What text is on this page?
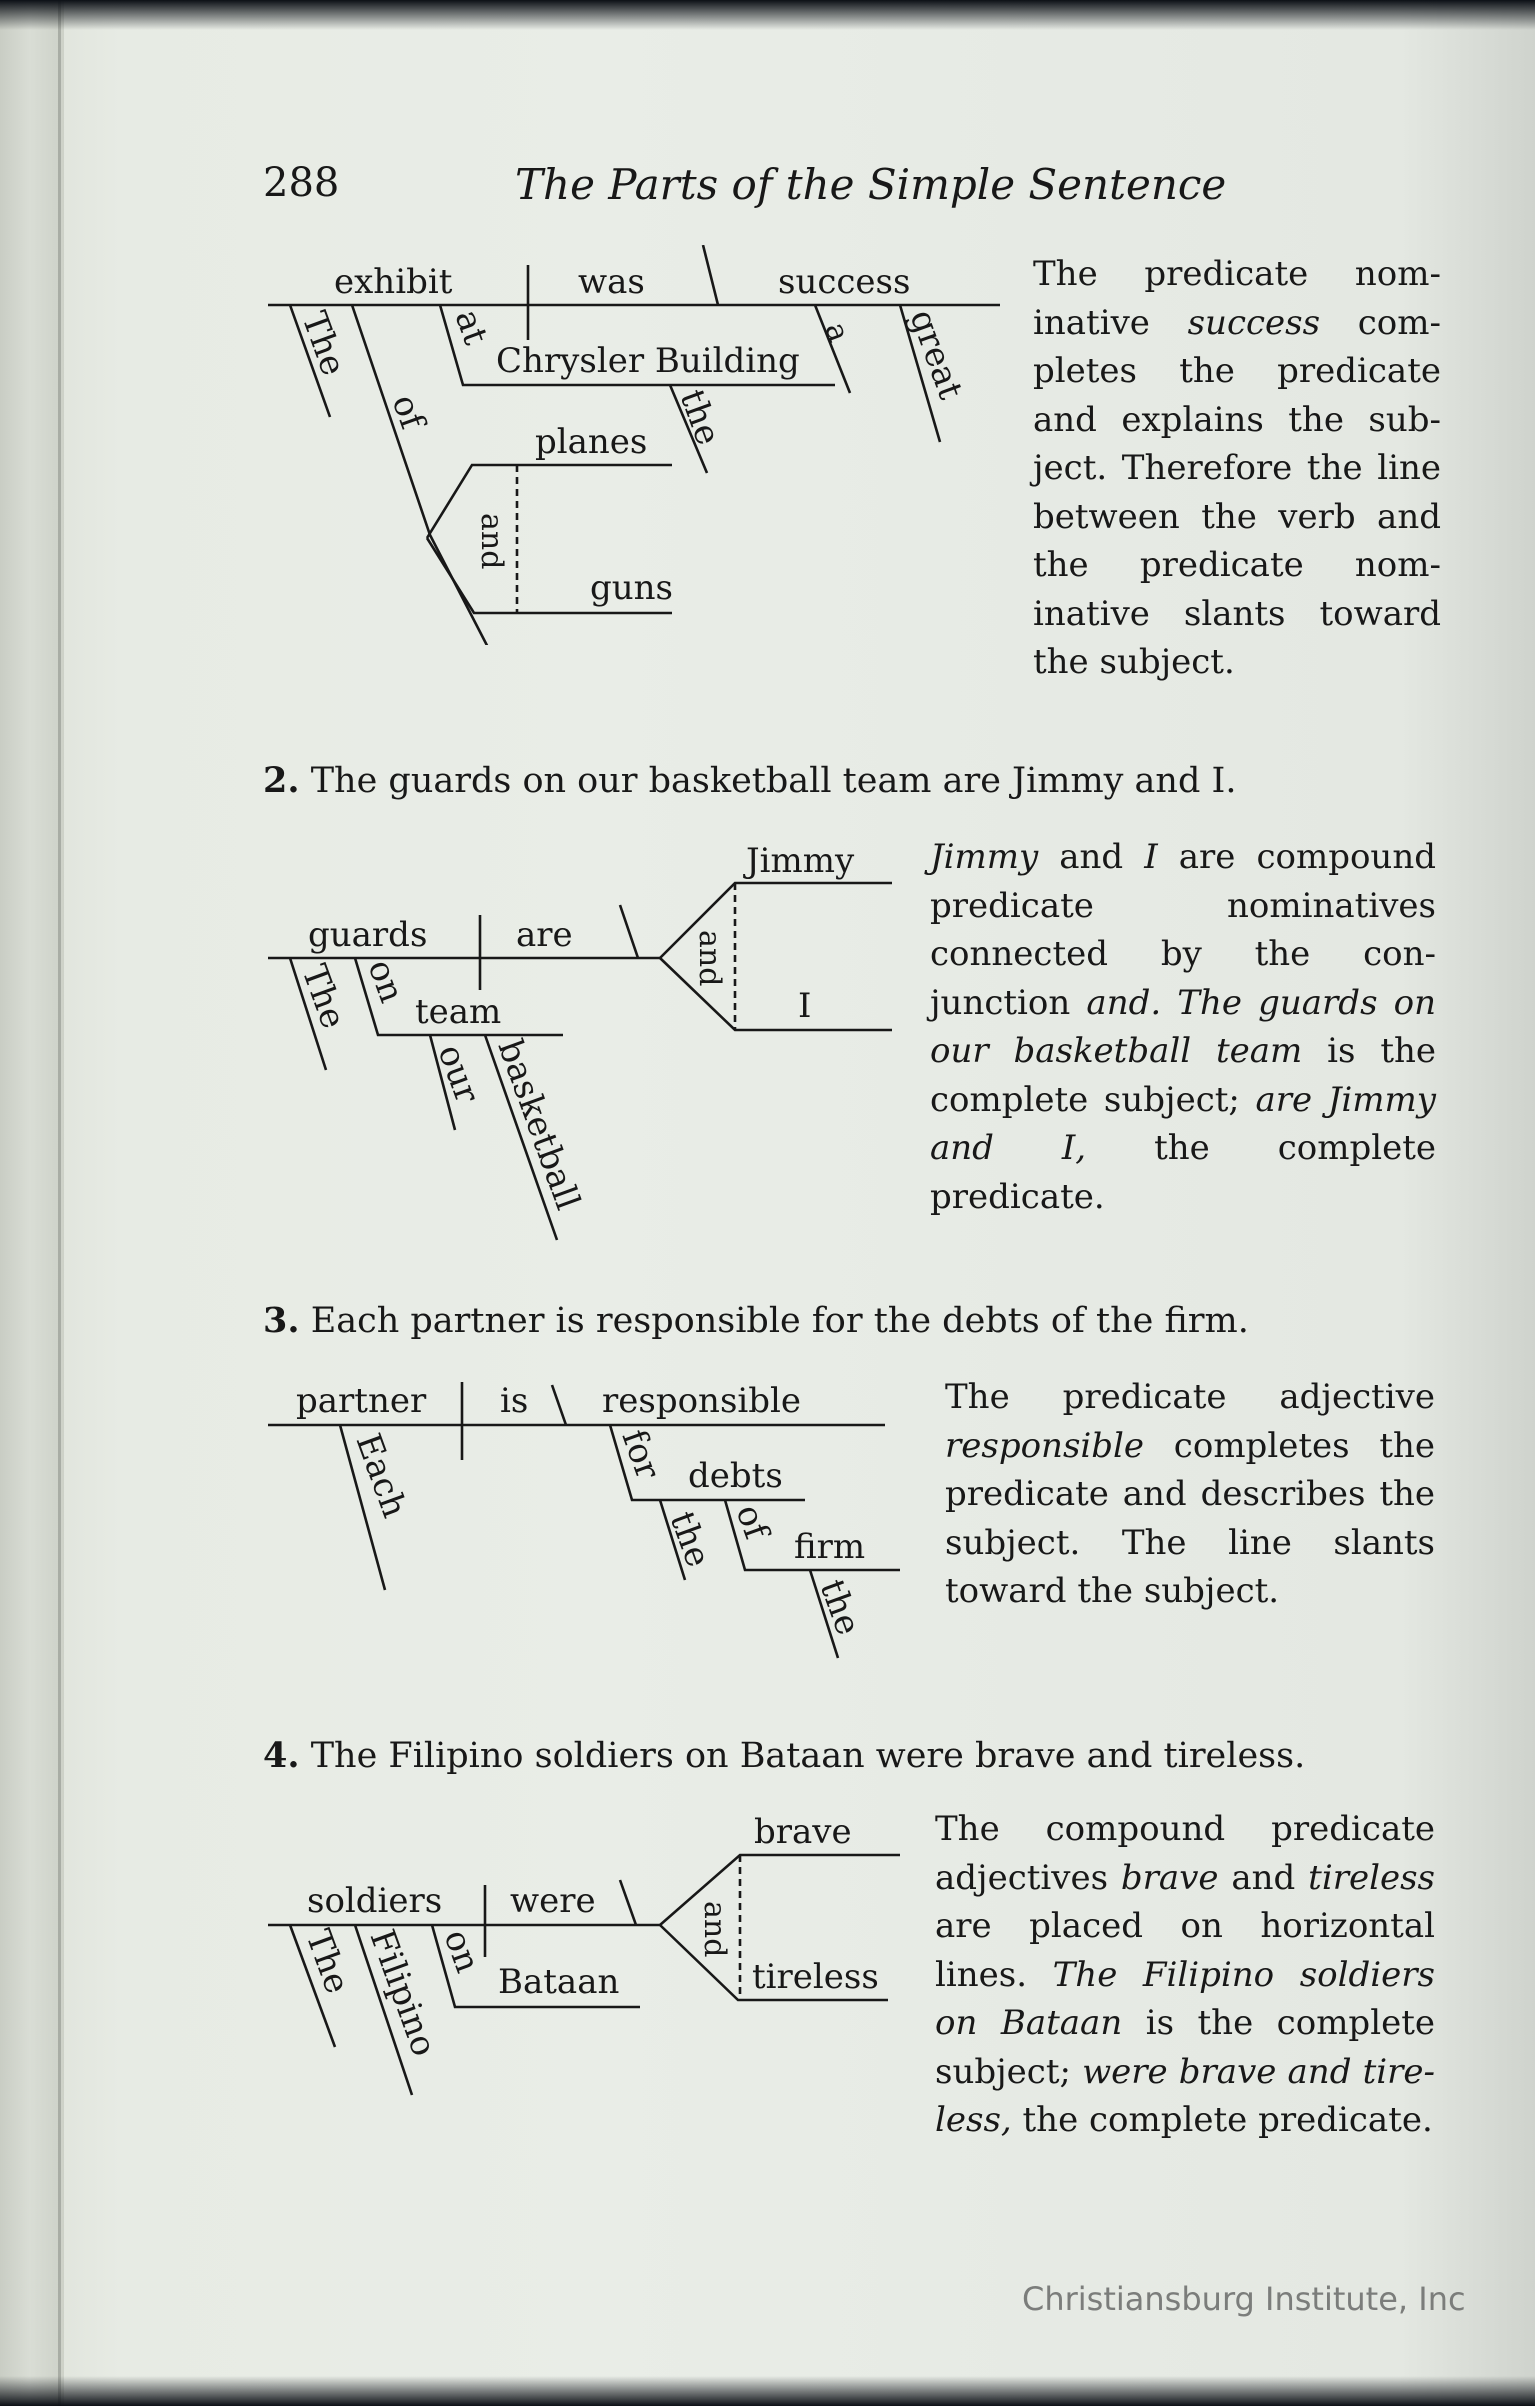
288	The Parts of the Simple Sentence
exhibit	was	success
The
of
at
Chrysler Building
a great
and
planes
guns
the

The predicate nominative success completes the predicate and explains the subject. Therefore the line between the verb and the predicate nominative slants toward the subject.

2. The guards on our basketball team are Jimmy and I.
guards	are	and
Jimmy
I
The on
team
our basketball

Jimmy and I are compound predicate nominatives connected by the conjunction and. The guards on our basketball team is the complete subject; are Jimmy and I, the complete predicate.

3. Each partner is responsible for the debts of the firm.
partner is responsible
Each	for debts
the of
firm
the

The predicate adjective responsible completes the predicate and describes the subject. The line slants toward the subject.

4. The Filipino soldiers on Bataan were brave and tireless.
soldiers were	and
brave
tireless
The Filipino
on
Bataan

The compound predicate adjectives brave and tireless are placed on horizontal lines. The Filipino soldiers on Bataan is the complete subject; were brave and tireless, the complete predicate.

Christiansburg Institute, Inc
